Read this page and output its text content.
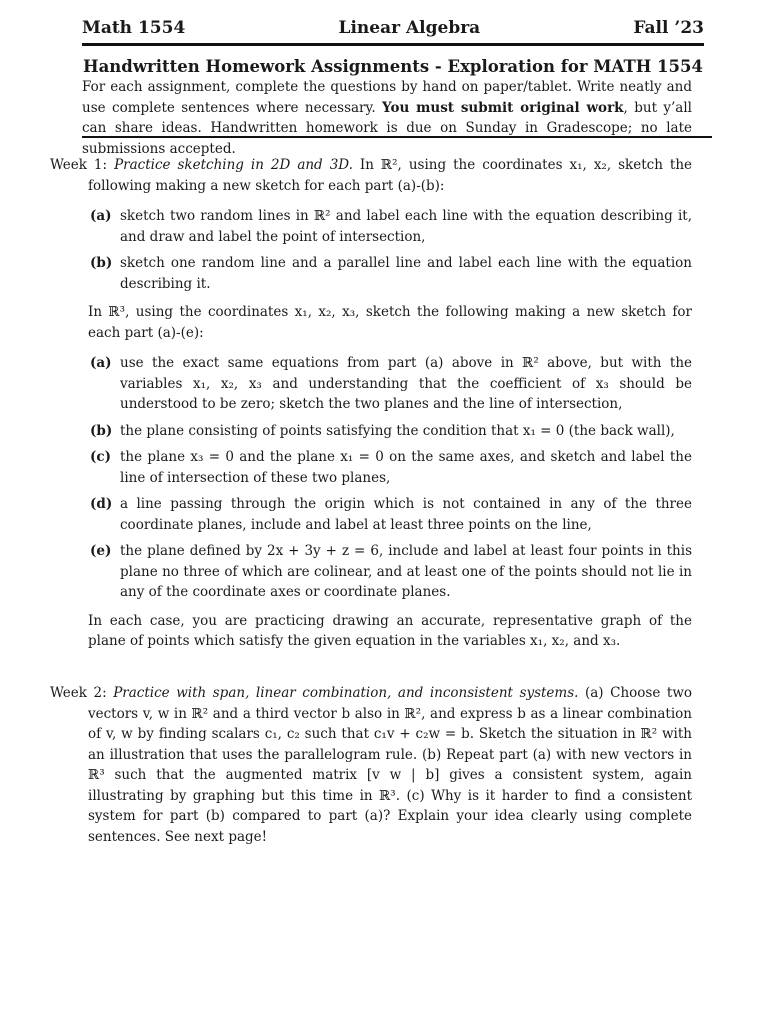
Math 1554	Linear Algebra	Fall ’23
Handwritten Homework Assignments - Exploration for MATH 1554
For each assignment, complete the questions by hand on paper/tablet. Write neatly and use complete sentences where necessary. You must submit original work, but y’all can share ideas. Handwritten homework is due on Sunday in Gradescope; no late submissions accepted.
Week 1: Practice sketching in 2D and 3D. In ℝ², using the coordinates x₁, x₂, sketch the following making a new sketch for each part (a)-(b):
(a) sketch two random lines in ℝ² and label each line with the equation describing it, and draw and label the point of intersection,
(b) sketch one random line and a parallel line and label each line with the equation describing it.
In ℝ³, using the coordinates x₁, x₂, x₃, sketch the following making a new sketch for each part (a)-(e):
(a) use the exact same equations from part (a) above in ℝ² above, but with the variables x₁, x₂, x₃ and understanding that the coefficient of x₃ should be understood to be zero; sketch the two planes and the line of intersection,
(b) the plane consisting of points satisfying the condition that x₁ = 0 (the back wall),
(c) the plane x₃ = 0 and the plane x₁ = 0 on the same axes, and sketch and label the line of intersection of these two planes,
(d) a line passing through the origin which is not contained in any of the three coordinate planes, include and label at least three points on the line,
(e) the plane defined by 2x + 3y + z = 6, include and label at least four points in this plane no three of which are colinear, and at least one of the points should not lie in any of the coordinate axes or coordinate planes.
In each case, you are practicing drawing an accurate, representative graph of the plane of points which satisfy the given equation in the variables x₁, x₂, and x₃.
Week 2: Practice with span, linear combination, and inconsistent systems. (a) Choose two vectors v, w in ℝ² and a third vector b also in ℝ², and express b as a linear combination of v, w by finding scalars c₁, c₂ such that c₁v + c₂w = b. Sketch the situation in ℝ² with an illustration that uses the parallelogram rule. (b) Repeat part (a) with new vectors in ℝ³ such that the augmented matrix [v w | b] gives a consistent system, again illustrating by graphing but this time in ℝ³. (c) Why is it harder to find a consistent system for part (b) compared to part (a)? Explain your idea clearly using complete sentences. See next page!
